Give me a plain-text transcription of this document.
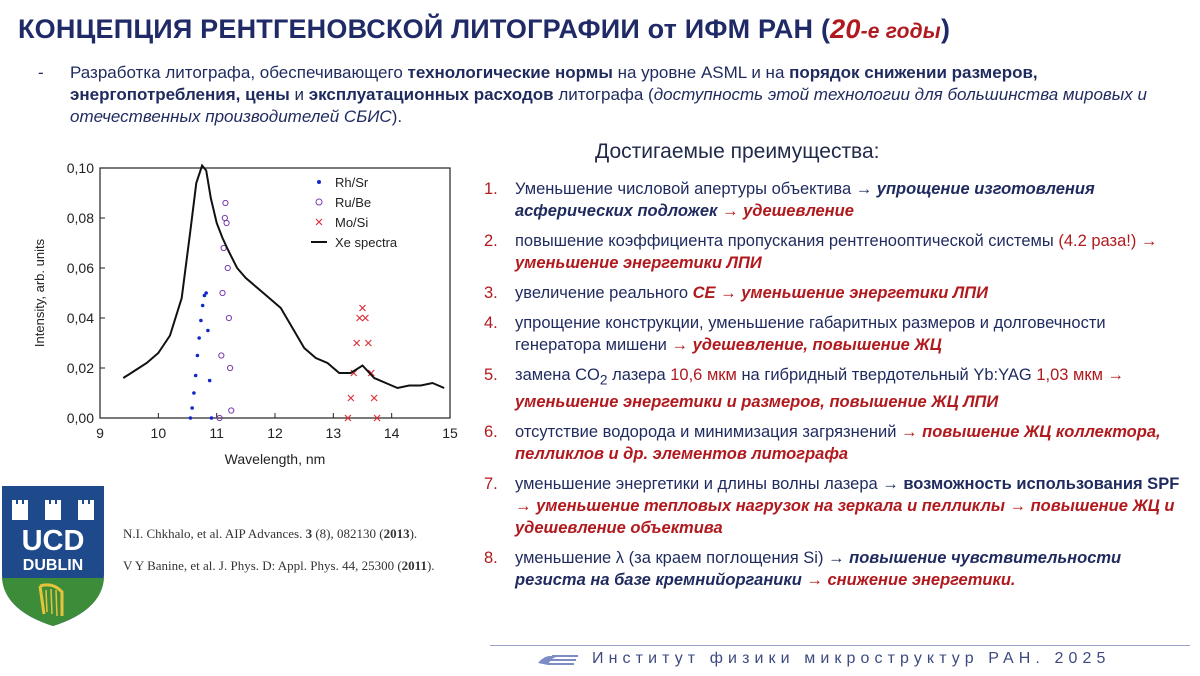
КОНЦЕПЦИЯ РЕНТГЕНОВСКОЙ ЛИТОГРАФИИ от ИФМ РАН (20-е годы)
- Разработка литографа, обеспечивающего технологические нормы на уровне ASML и на порядок снижении размеров, энергопотребления, цены и эксплуатационных расходов литографа (доступность этой технологии для большинства мировых и отечественных производителей СБИС).
9	10	11	12	13	14	15
0,00
0,02
0,04
0,06
0,08
0,10
Wavelength, nm
Intensity, arb. units
Rh/Sr
Ru/Be
Mo/Si
Xe spectra
Достигаемые преимущества:
1. Уменьшение числовой апертуры объектива → упрощение изготовления асферических подложек → удешевление
2. повышение коэффициента пропускания рентгенооптической системы (4.2 раза!) → уменьшение энергетики ЛПИ
3. увеличение реального CE → уменьшение энергетики ЛПИ
4. упрощение конструкции, уменьшение габаритных размеров и долговечности генератора мишени → удешевление, повышение ЖЦ
5. замена $CO_2$ лазера 10,6 мкм на гибридный твердотельный Yb:YAG 1,03 мкм → уменьшение энергетики и размеров, повышение ЖЦ ЛПИ
6. отсутствие водорода и минимизация загрязнений → повышение ЖЦ коллектора, пелликлов и др. элементов литографа
7. уменьшение энергетики и длины волны лазера → возможность использования SPF → уменьшение тепловых нагрузок на зеркала и пелликлы → повышение ЖЦ и удешевление объектива
8. уменьшение λ (за краем поглощения Si) → повышение чувствительности резиста на базе кремнийорганики → снижение энергетики.
UCD
DUBLIN
N.I. Chkhalo, et al. AIP Advances. 3 (8), 082130 (2013).
V Y Banine, et al. J. Phys. D: Appl. Phys. 44, 25300 (2011).
Институт физики микроструктур РАН. 2025
